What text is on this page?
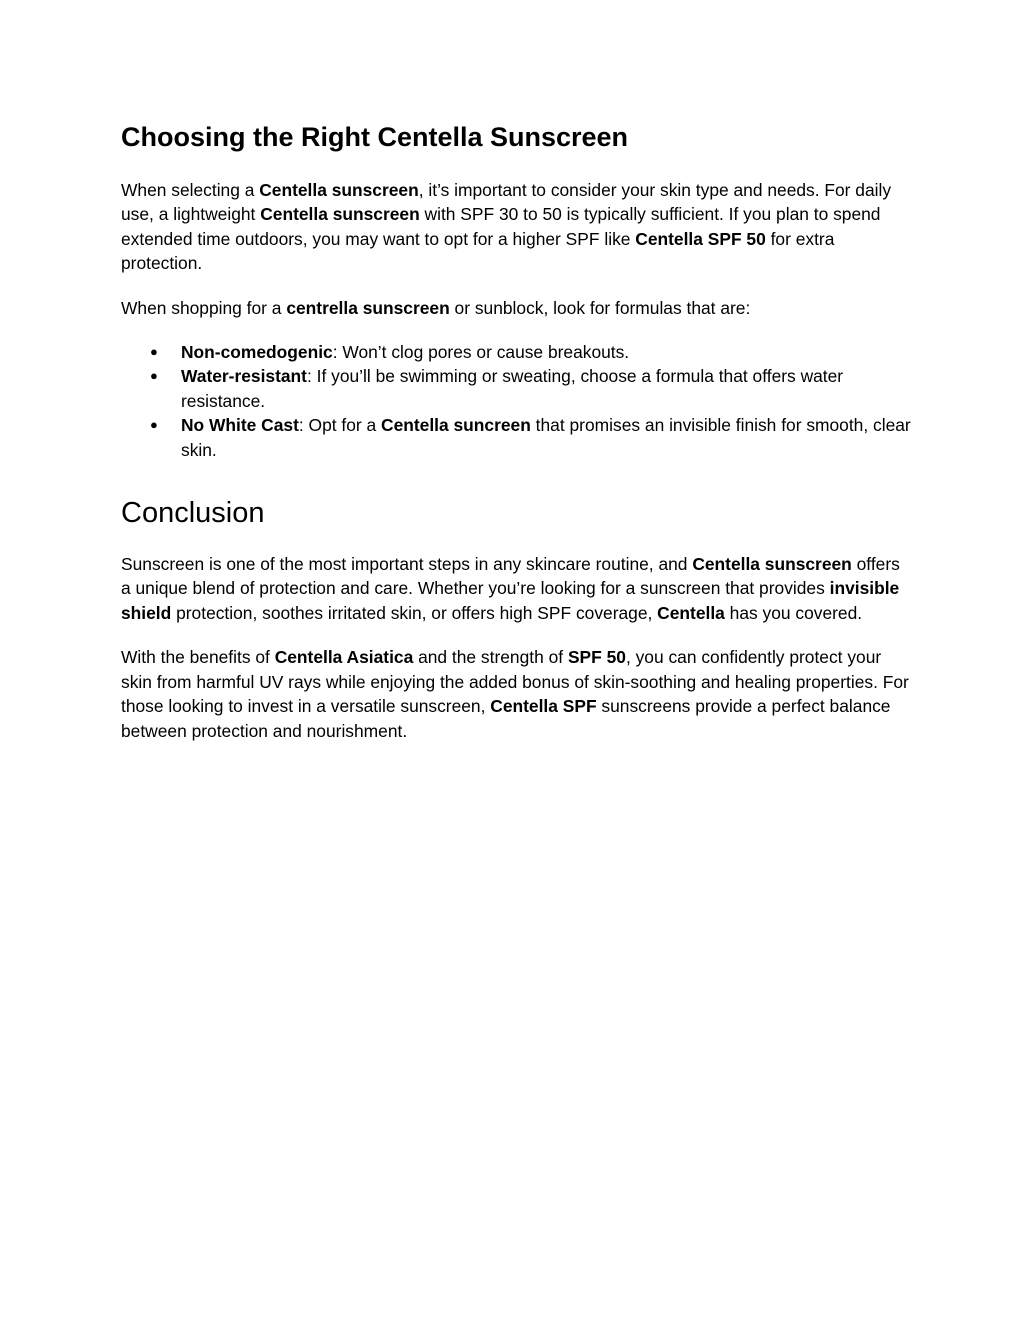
Choosing the Right Centella Sunscreen

When selecting a Centella sunscreen, it’s important to consider your skin type and needs. For daily use, a lightweight Centella sunscreen with SPF 30 to 50 is typically sufficient. If you plan to spend extended time outdoors, you may want to opt for a higher SPF like Centella SPF 50 for extra protection.

When shopping for a centrella sunscreen or sunblock, look for formulas that are:

● Non-comedogenic: Won’t clog pores or cause breakouts.
● Water-resistant: If you’ll be swimming or sweating, choose a formula that offers water resistance.
● No White Cast: Opt for a Centella suncreen that promises an invisible finish for smooth, clear skin.
Conclusion

Sunscreen is one of the most important steps in any skincare routine, and Centella sunscreen offers a unique blend of protection and care. Whether you’re looking for a sunscreen that provides invisible shield protection, soothes irritated skin, or offers high SPF coverage, Centella has you covered.

With the benefits of Centella Asiatica and the strength of SPF 50, you can confidently protect your skin from harmful UV rays while enjoying the added bonus of skin-soothing and healing properties. For those looking to invest in a versatile sunscreen, Centella SPF sunscreens provide a perfect balance between protection and nourishment.
